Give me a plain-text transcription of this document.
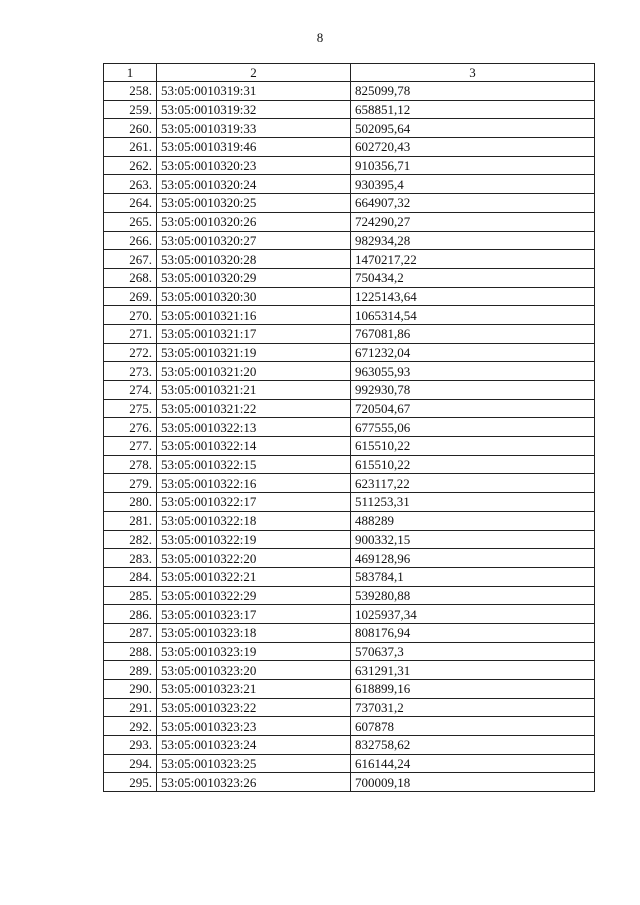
8
1	2	3
258.	53:05:0010319:31	825099,78
259.	53:05:0010319:32	658851,12
260.	53:05:0010319:33	502095,64
261.	53:05:0010319:46	602720,43
262.	53:05:0010320:23	910356,71
263.	53:05:0010320:24	930395,4
264.	53:05:0010320:25	664907,32
265.	53:05:0010320:26	724290,27
266.	53:05:0010320:27	982934,28
267.	53:05:0010320:28	1470217,22
268.	53:05:0010320:29	750434,2
269.	53:05:0010320:30	1225143,64
270.	53:05:0010321:16	1065314,54
271.	53:05:0010321:17	767081,86
272.	53:05:0010321:19	671232,04
273.	53:05:0010321:20	963055,93
274.	53:05:0010321:21	992930,78
275.	53:05:0010321:22	720504,67
276.	53:05:0010322:13	677555,06
277.	53:05:0010322:14	615510,22
278.	53:05:0010322:15	615510,22
279.	53:05:0010322:16	623117,22
280.	53:05:0010322:17	511253,31
281.	53:05:0010322:18	488289
282.	53:05:0010322:19	900332,15
283.	53:05:0010322:20	469128,96
284.	53:05:0010322:21	583784,1
285.	53:05:0010322:29	539280,88
286.	53:05:0010323:17	1025937,34
287.	53:05:0010323:18	808176,94
288.	53:05:0010323:19	570637,3
289.	53:05:0010323:20	631291,31
290.	53:05:0010323:21	618899,16
291.	53:05:0010323:22	737031,2
292.	53:05:0010323:23	607878
293.	53:05:0010323:24	832758,62
294.	53:05:0010323:25	616144,24
295.	53:05:0010323:26	700009,18
